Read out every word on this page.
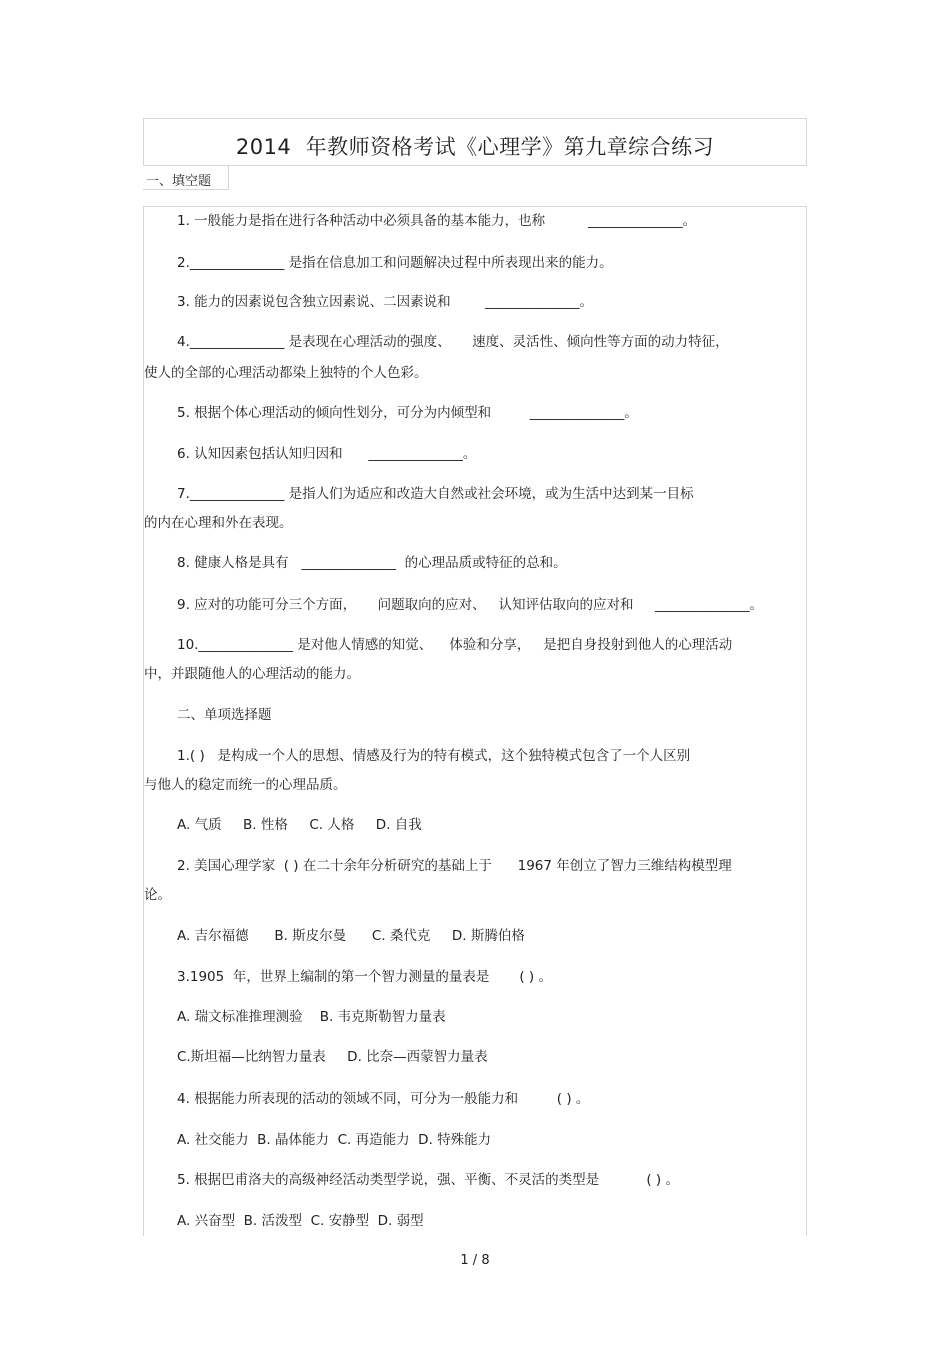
2014  年教师资格考试《心理学》第九章综合练习
一、填空题
1. 一般能力是指在进行各种活动中必须具备的基本能力，也称          ______________。
2.______________ 是指在信息加工和问题解决过程中所表现出来的能力。
3. 能力的因素说包含独立因素说、二因素说和        ______________。
4.______________ 是表现在心理活动的强度、     速度、灵活性、倾向性等方面的动力特征，
使人的全部的心理活动都染上独特的个人色彩。
5. 根据个体心理活动的倾向性划分，可分为内倾型和         ______________。
6. 认知因素包括认知归因和      ______________。
7.______________ 是指人们为适应和改造大自然或社会环境，或为生活中达到某一目标
的内在心理和外在表现。
8. 健康人格是具有   ______________  的心理品质或特征的总和。
9. 应对的功能可分三个方面，     问题取向的应对、   认知评估取向的应对和     ______________。
10.______________ 是对他人情感的知觉、    体验和分享，   是把自身投射到他人的心理活动
中，并跟随他人的心理活动的能力。
二、单项选择题
1.( )   是构成一个人的思想、情感及行为的特有模式，这个独特模式包含了一个人区别
与他人的稳定而统一的心理品质。
A. 气质     B. 性格     C. 人格     D. 自我
2. 美国心理学家  ( ) 在二十余年分析研究的基础上于      1967 年创立了智力三维结构模型理
论。
A. 吉尔福德      B. 斯皮尔曼      C. 桑代克     D. 斯腾伯格
3.1905  年，世界上编制的第一个智力测量的量表是       ( ) 。
A. 瑞文标准推理测验    B. 韦克斯勒智力量表
C.斯坦福—比纳智力量表     D. 比奈—西蒙智力量表
4. 根据能力所表现的活动的领域不同，可分为一般能力和         ( ) 。
A. 社交能力  B. 晶体能力  C. 再造能力  D. 特殊能力
5. 根据巴甫洛夫的高级神经活动类型学说，强、平衡、不灵活的类型是           ( ) 。
A. 兴奋型  B. 活泼型  C. 安静型  D. 弱型
1 / 8
